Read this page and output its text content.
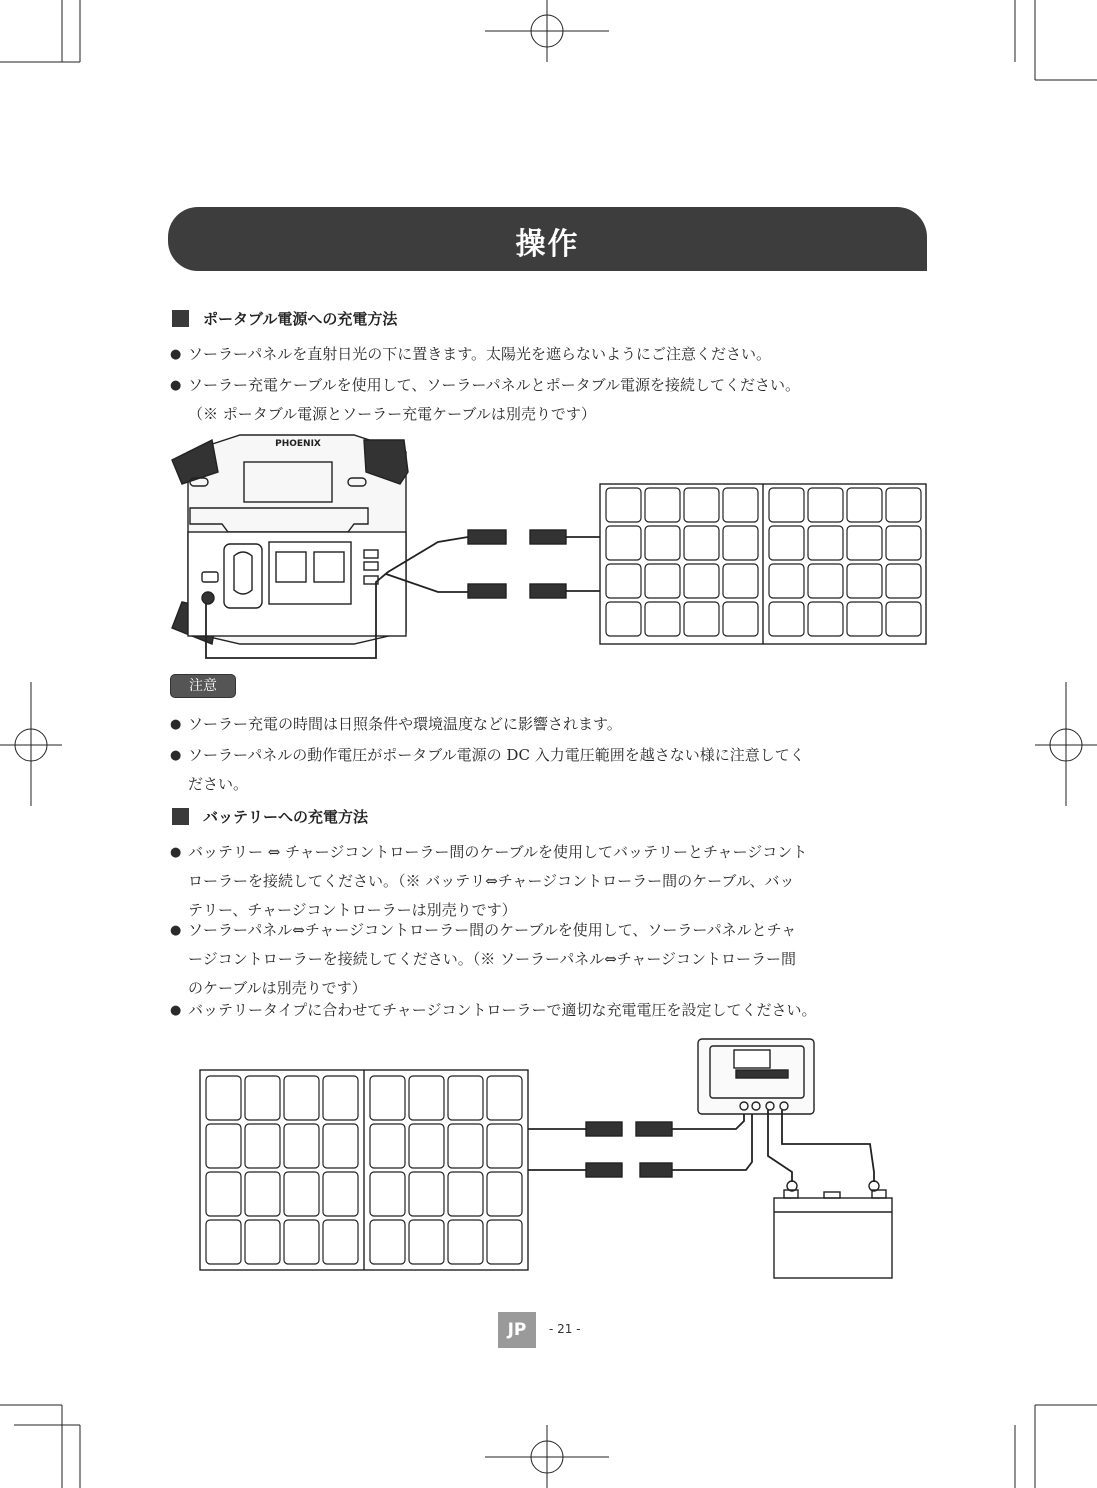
操作
ポータブル電源への充電方法
● ソーラーパネルを直射日光の下に置きます。太陽光を遮らないようにご注意ください。
● ソーラー充電ケーブルを使用して、ソーラーパネルとポータブル電源を接続してください。
（※ ポータブル電源とソーラー充電ケーブルは別売りです）
PHOENIX
注意
● ソーラー充電の時間は日照条件や環境温度などに影響されます。
● ソーラーパネルの動作電圧がポータブル電源の DC 入力電圧範囲を越さない様に注意してく
ださい。
バッテリーへの充電方法
● バッテリー ⇔ チャージコントローラー間のケーブルを使用してバッテリーとチャージコント
ローラーを接続してください。（※ バッテリ⇔チャージコントローラー間のケーブル、バッ
テリー、チャージコントローラーは別売りです）
● ソーラーパネル⇔チャージコントローラー間のケーブルを使用して、ソーラーパネルとチャ
ージコントローラーを接続してください。（※ ソーラーパネル⇔チャージコントローラー間
のケーブルは別売りです）
● バッテリータイプに合わせてチャージコントローラーで適切な充電電圧を設定してください。
JP	- 21 -
